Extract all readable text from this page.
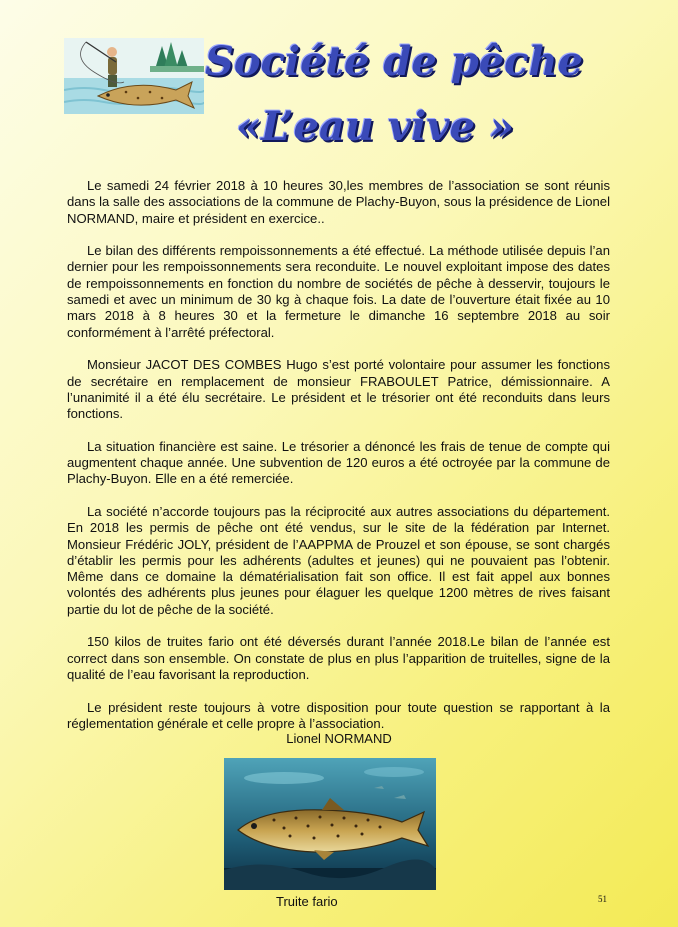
Société de pêche
«L’eau vive »

Le samedi 24 février 2018 à 10 heures 30,les membres de l’association se sont réunis dans la salle des associations de la commune de Plachy-Buyon, sous la présidence de Lionel NORMAND, maire et président en exercice..

Le bilan des différents rempoissonnements a été effectué. La méthode utilisée depuis l’an dernier pour les rempoissonnements sera reconduite. Le nouvel exploitant impose des dates de rempoissonnements en fonction du nombre de sociétés de pêche à desservir, toujours le samedi et avec un minimum de 30 kg à chaque fois. La date de l’ouverture était fixée au 10 mars 2018 à 8 heures 30 et la fermeture le dimanche 16 septembre 2018 au soir conformément à l’arrêté préfectoral.

Monsieur JACOT DES COMBES Hugo s’est porté volontaire pour assumer les fonctions de secrétaire en remplacement de monsieur FRABOULET Patrice, démissionnaire. A l’unanimité il a été élu secrétaire. Le président et le trésorier ont été reconduits dans leurs fonctions.

La situation financière est saine. Le trésorier a dénoncé les frais de tenue de compte qui augmentent chaque année. Une subvention de 120 euros a été octroyée par la commune de Plachy-Buyon. Elle en a été remerciée.

La société n’accorde toujours pas la réciprocité aux autres associations du département. En 2018 les permis de pêche ont été vendus, sur le site de la fédération par Internet. Monsieur Frédéric JOLY, président de l’AAPPMA de Prouzel et son épouse, se sont chargés d’établir les permis pour les adhérents (adultes et jeunes) qui ne pouvaient pas l’obtenir. Même dans ce domaine la dématérialisation fait son office. Il est fait appel aux bonnes volontés des adhérents plus jeunes pour élaguer les quelque 1200 mètres de rives faisant partie du lot de pêche de la société.

150 kilos de truites fario ont été déversés durant l’année 2018.Le bilan de l’année est correct dans son ensemble. On constate de plus en plus l’apparition de truitelles, signe de la qualité de l’eau favorisant la reproduction.

Le président reste toujours à votre disposition pour toute question se rapportant à la réglementation générale et celle propre à l’association.

Lionel NORMAND
Truite fario	51
